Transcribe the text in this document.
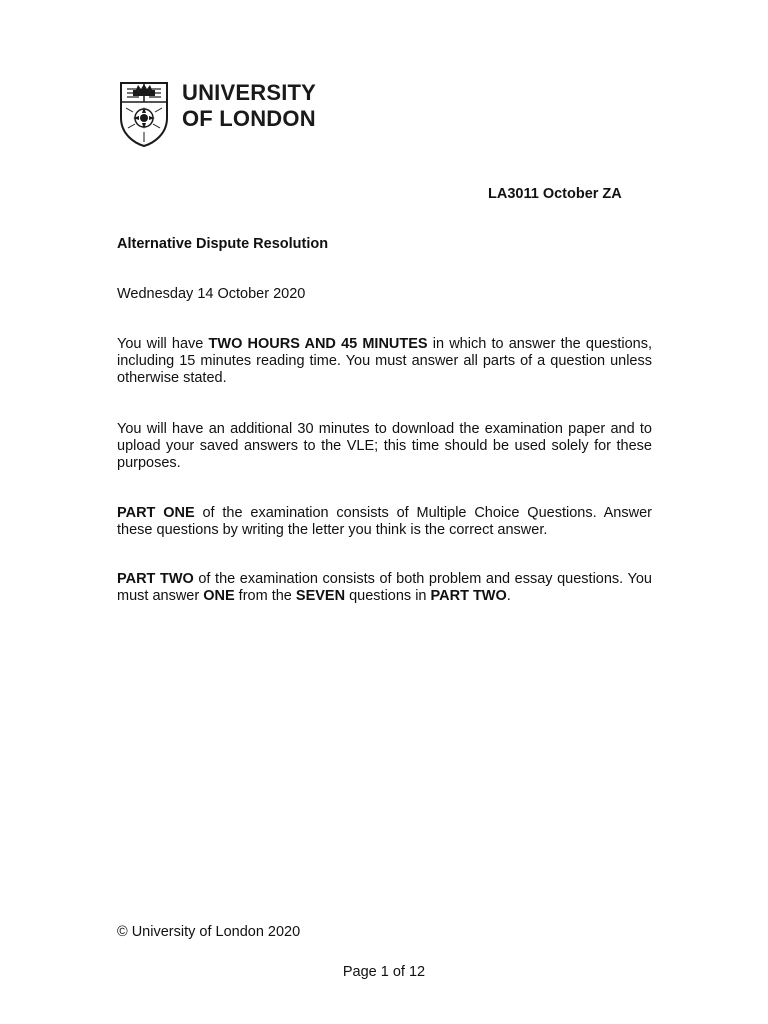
UNIVERSITY
OF LONDON
LA3011 October ZA
Alternative Dispute Resolution
Wednesday 14 October 2020
You will have TWO HOURS AND 45 MINUTES in which to answer the questions, including 15 minutes reading time. You must answer all parts of a question unless otherwise stated.
You will have an additional 30 minutes to download the examination paper and to upload your saved answers to the VLE; this time should be used solely for these purposes.
PART ONE of the examination consists of Multiple Choice Questions. Answer these questions by writing the letter you think is the correct answer.
PART TWO of the examination consists of both problem and essay questions. You must answer ONE from the SEVEN questions in PART TWO.
© University of London 2020
Page 1 of 12
